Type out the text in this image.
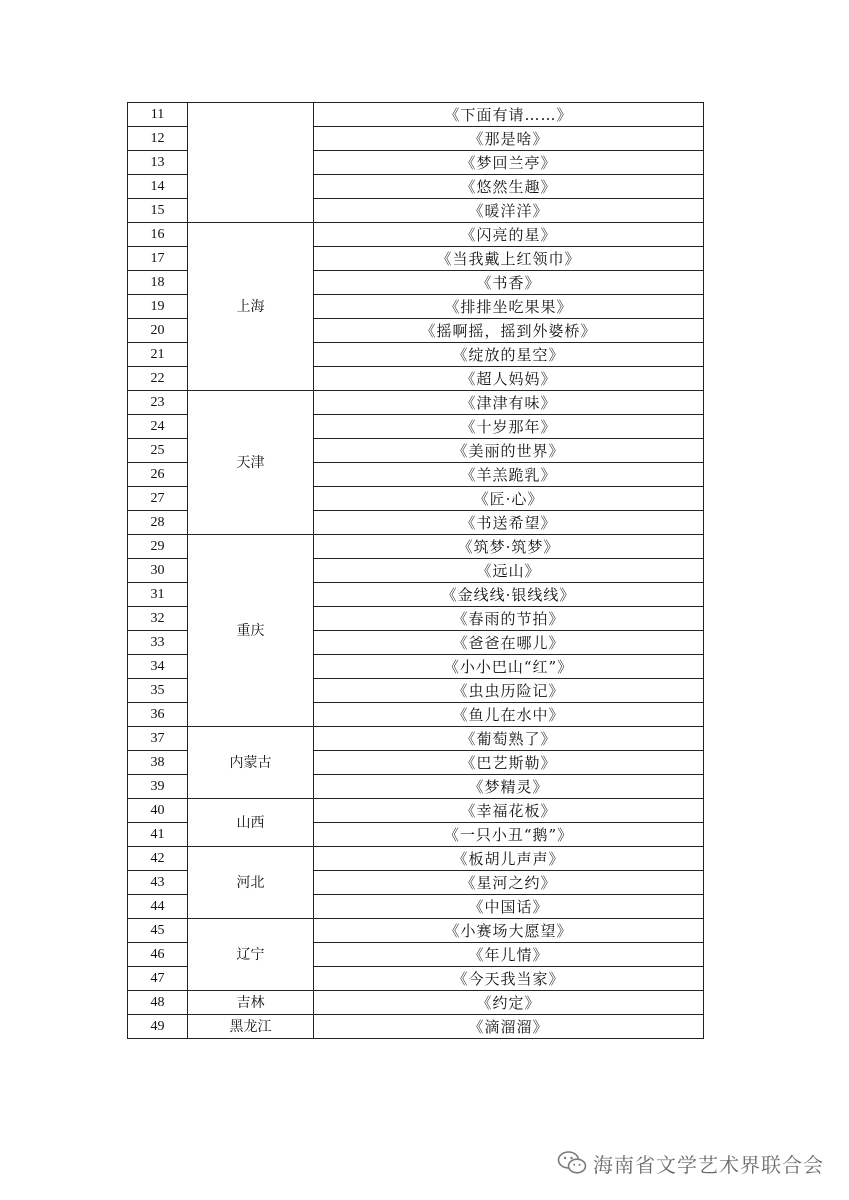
11		《下面有请……》
12		《那是啥》
13		《梦回兰亭》
14		《悠然生趣》
15		《暖洋洋》
16	上海	《闪亮的星》
17		《当我戴上红领巾》
18		《书香》
19		《排排坐吃果果》
20		《摇啊摇，摇到外婆桥》
21		《绽放的星空》
22		《超人妈妈》
23	天津	《津津有味》
24		《十岁那年》
25		《美丽的世界》
26		《羊羔跪乳》
27		《匠·心》
28		《书送希望》
29	重庆	《筑梦·筑梦》
30		《远山》
31		《金线线·银线线》
32		《春雨的节拍》
33		《爸爸在哪儿》
34		《小小巴山“红”》
35		《虫虫历险记》
36		《鱼儿在水中》
37	内蒙古	《葡萄熟了》
38		《巴艺斯勒》
39		《梦精灵》
40	山西	《幸福花板》
41		《一只小丑“鹅”》
42	河北	《板胡儿声声》
43		《星河之约》
44		《中国话》
45	辽宁	《小赛场大愿望》
46		《年儿情》
47		《今天我当家》
48	吉林	《约定》
49	黑龙江	《滴溜溜》
海南省文学艺术界联合会
